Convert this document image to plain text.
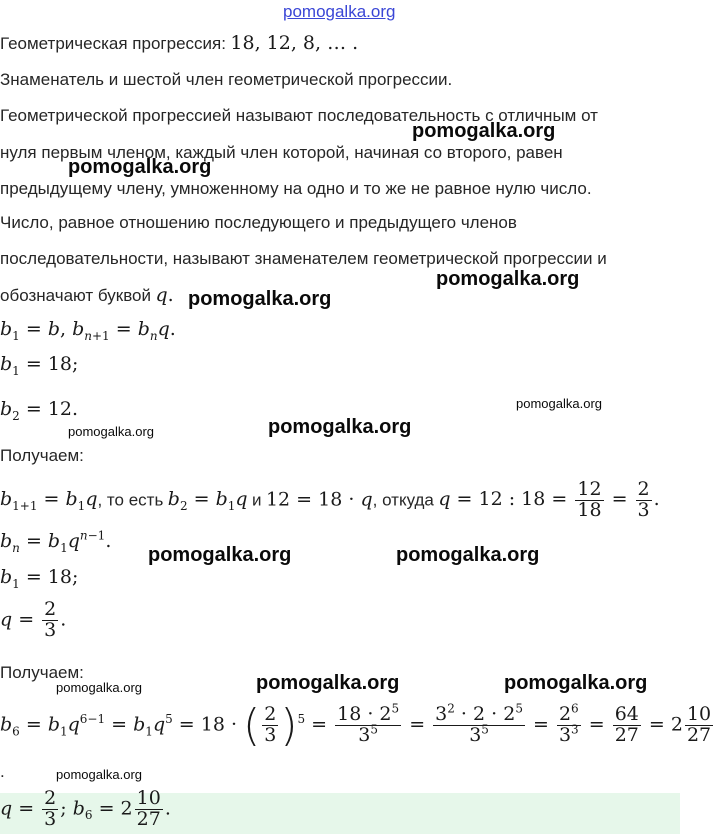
pomogalka.org
Геометрическая прогрессия: 18, 12, 8, … .
Знаменатель и шестой член геометрической прогрессии.
Геометрической прогрессией называют последовательность с отличным от
нуля первым членом, каждый член которой, начиная со второго, равен
предыдущему члену, умноженному на одно и то же не равное нулю число.
Число, равное отношению последующего и предыдущего членов
последовательности, называют знаменателем геометрической прогрессии и
обозначают буквой q.
$b_1 = b$, $b_{n+1} = b_nq$.
$b_1 = 18$;
$b_2 = 12$.
Получаем:
$b_{1+1} = b_1q$, то есть $b_2 = b_1q$ и 12 = 18 · q, откуда q = 12 : $18 = \frac{12}{18} = \frac{2}{3}$ .
$b_n = b_1q^{n-1}$.
$b_1 = 18$;
$q = \frac{2}{3}$ .
Получаем:
$b_6 = b_1q^{6-1} = b_1q^5 = 18$ · ( $\frac{2}{3} )^5 = \frac{18 \cdot 2^5}{3^5} = \frac{3^2 \cdot 2 \cdot 2^5}{3^5} = \frac{2^6}{3^3} = \frac{64}{27} = 2 \frac{10}{27}$
.
$q = \frac{2}{3}$ ; $b_6 = 2 \frac{10}{27}$ .
pomogalka.org
pomogalka.org
pomogalka.org
pomogalka.org
pomogalka.org
pomogalka.org
pomogalka.org
pomogalka.org	pomogalka.org
pomogalka.org	pomogalka.org
pomogalka.org
pomogalka.org
